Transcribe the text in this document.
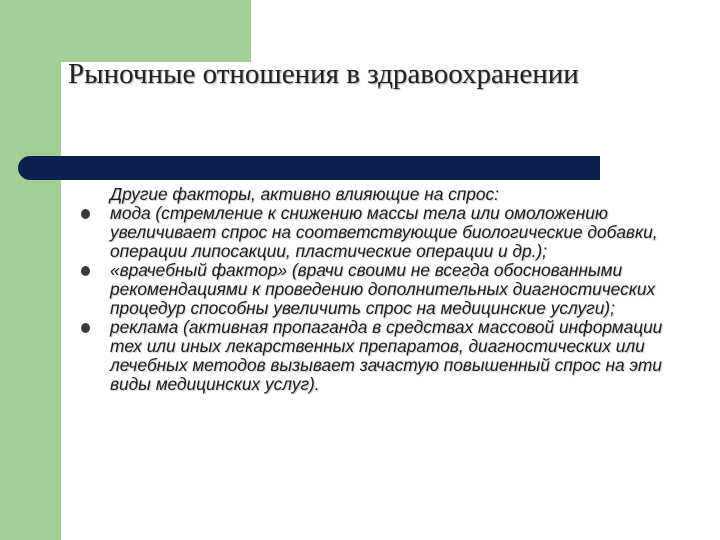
Рыночные отношения в здравоохранении

Другие факторы, активно влияющие на спрос:

мода (стремление к снижению массы тела или омоложению увеличивает спрос на соответствующие биологические добавки, операции липосакции, пластические операции и др.);
«врачебный фактор» (врачи своими не всегда обоснованными рекомендациями к проведению дополнительных диагностических процедур способны увеличить спрос на медицинские услуги);
реклама (активная пропаганда в средствах массовой информации тех или иных лекарственных препаратов, диагностических или лечебных методов вызывает зачастую повышенный спрос на эти виды медицинских услуг).
